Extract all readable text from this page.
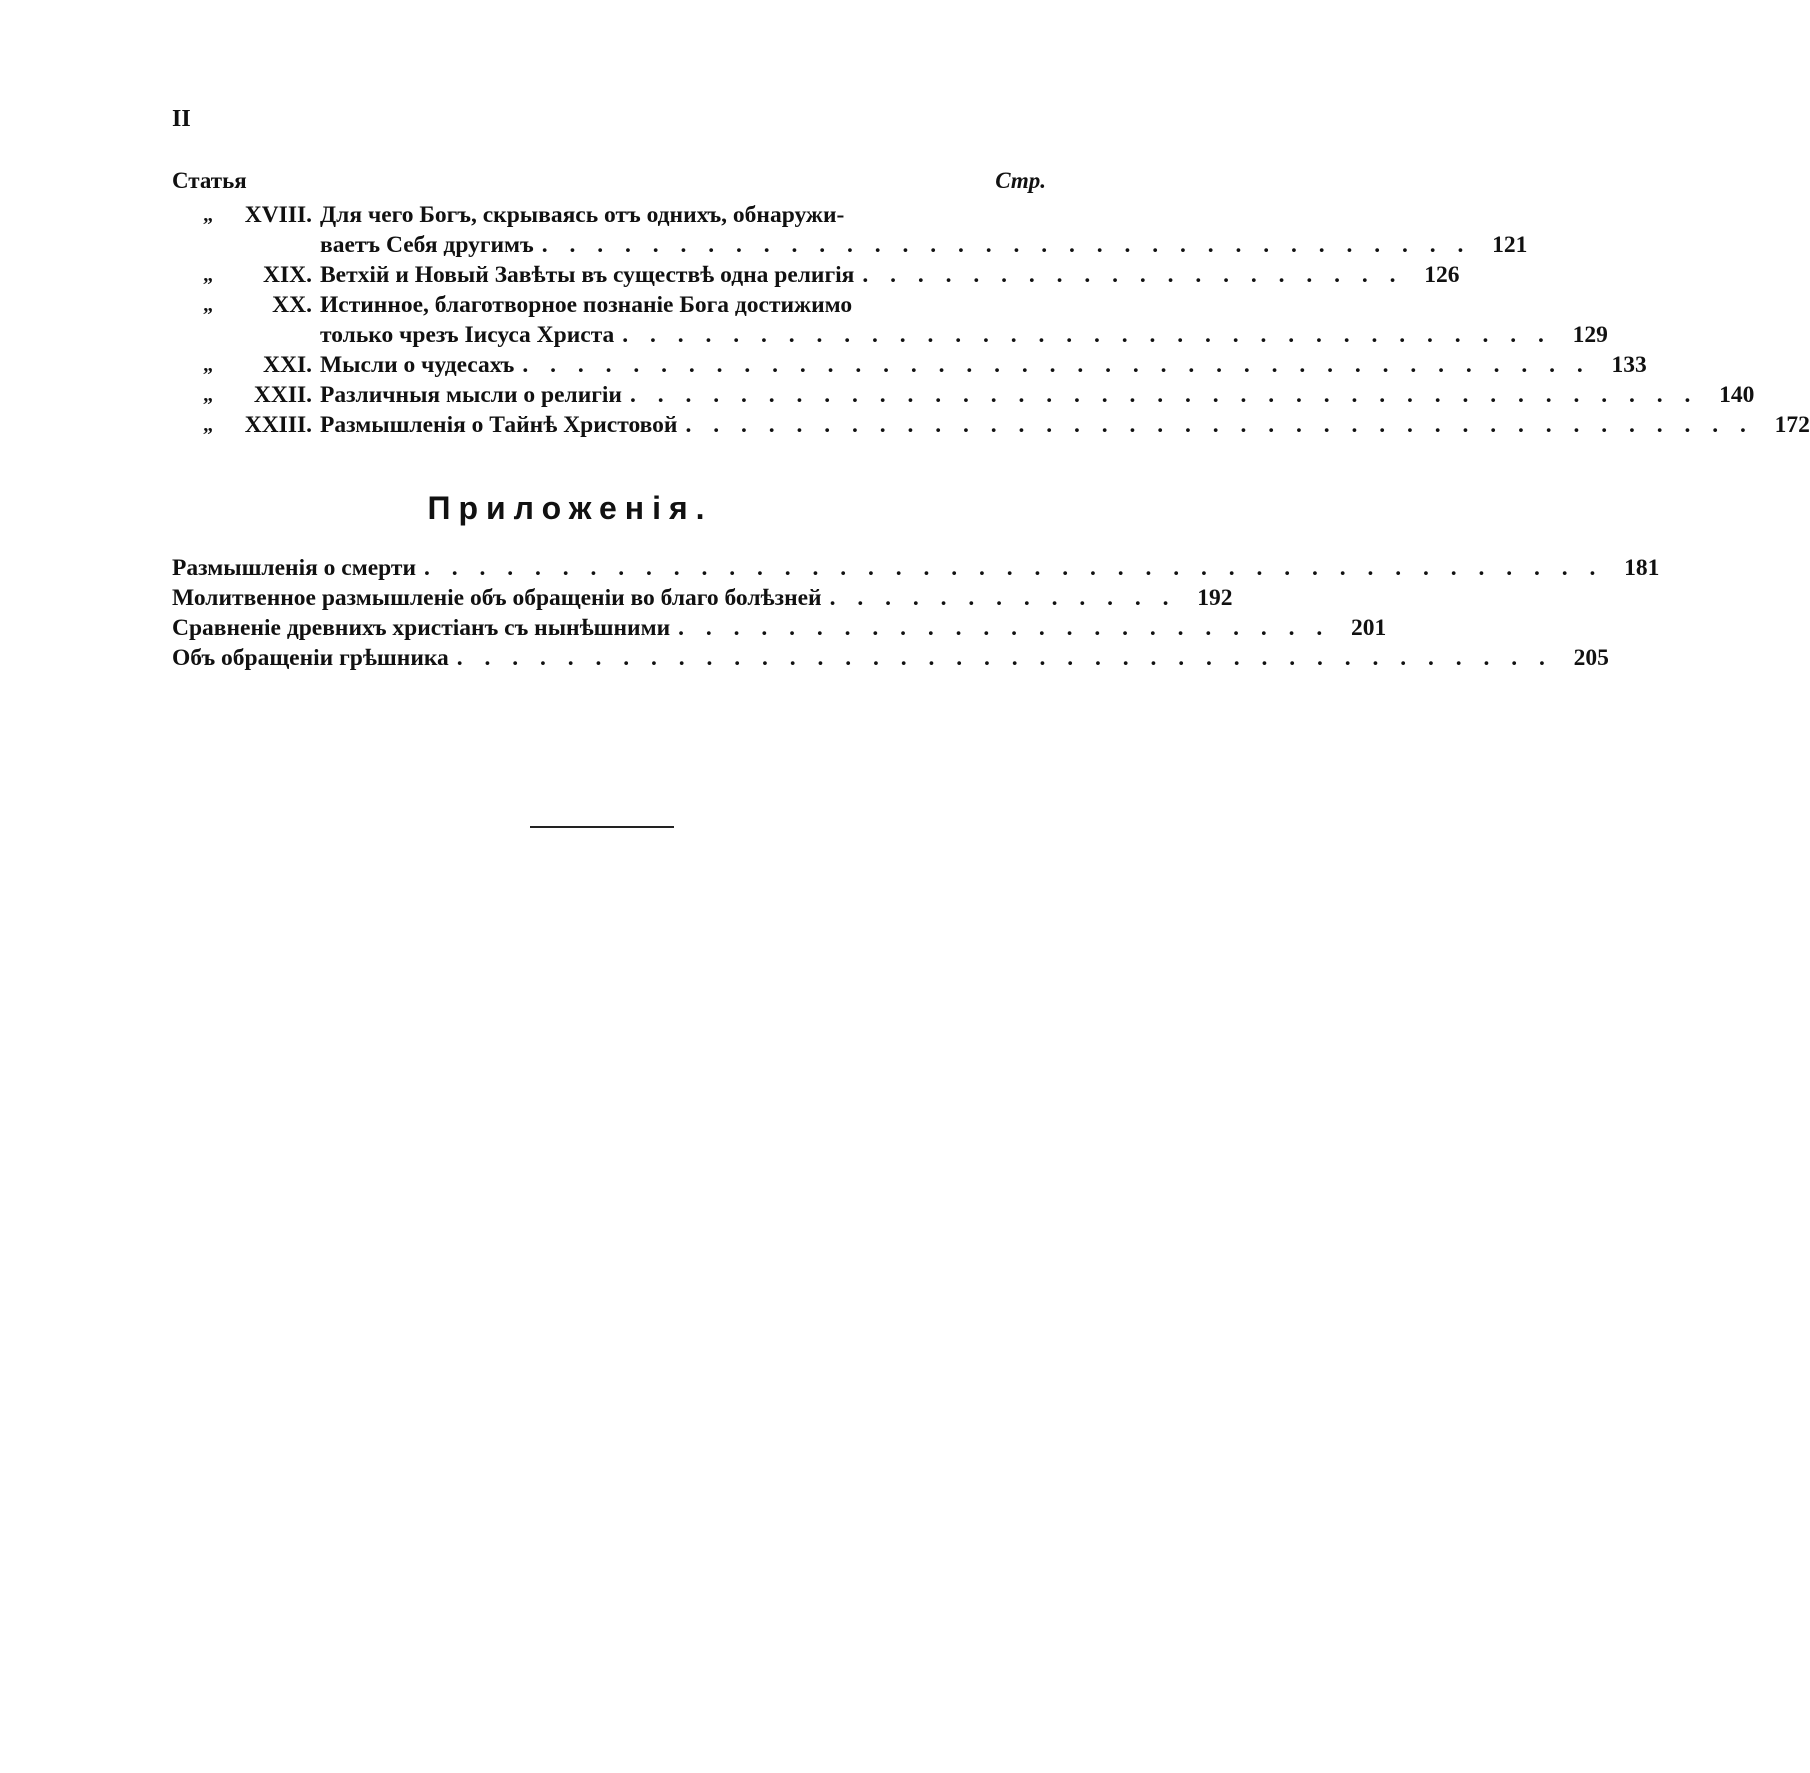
II
Статья	Стр.
„	XVIII. Для чего Богъ, скрываясь отъ однихъ, обнаружи-
ваетъ Себя другимъ . . . . . . . . . . . . . . . . . . . . . . . . . . . . . . . . . . 121
„	XIX. Ветхій и Новый Завѣты въ существѣ одна религія . . . . . . . . . . . . . . . . . . . . 126
„	XX. Истинное, благотворное познаніе Бога достижимо
только чрезъ Іисуса Христа . . . . . . . . . . . . . . . . . . . . . . . . . . . . . . . . . . 129
„	XXI. Мысли о чудесахъ . . . . . . . . . . . . . . . . . . . . . . . . . . . . . . . . . . . . . . . 133
„	XXII. Различныя мысли о религіи . . . . . . . . . . . . . . . . . . . . . . . . . . . . . . . . . . . . . . . 140
„	XXIII. Размышленія о Тайнѣ Христовой . . . . . . . . . . . . . . . . . . . . . . . . . . . . . . . . . . . . . . . 172
Приложенія.
Размышленія о смерти . . . . . . . . . . . . . . . . . . . . . . . . . . . . . . . . . . . . . . . . . . . 181
Молитвенное размышленіе объ обращеніи во благо болѣзней . . . . . . . . . . . . . 192
Сравненіе древнихъ христіанъ съ нынѣшними . . . . . . . . . . . . . . . . . . . . . . . . 201
Объ обращеніи грѣшника . . . . . . . . . . . . . . . . . . . . . . . . . . . . . . . . . . . . . . . . 205
